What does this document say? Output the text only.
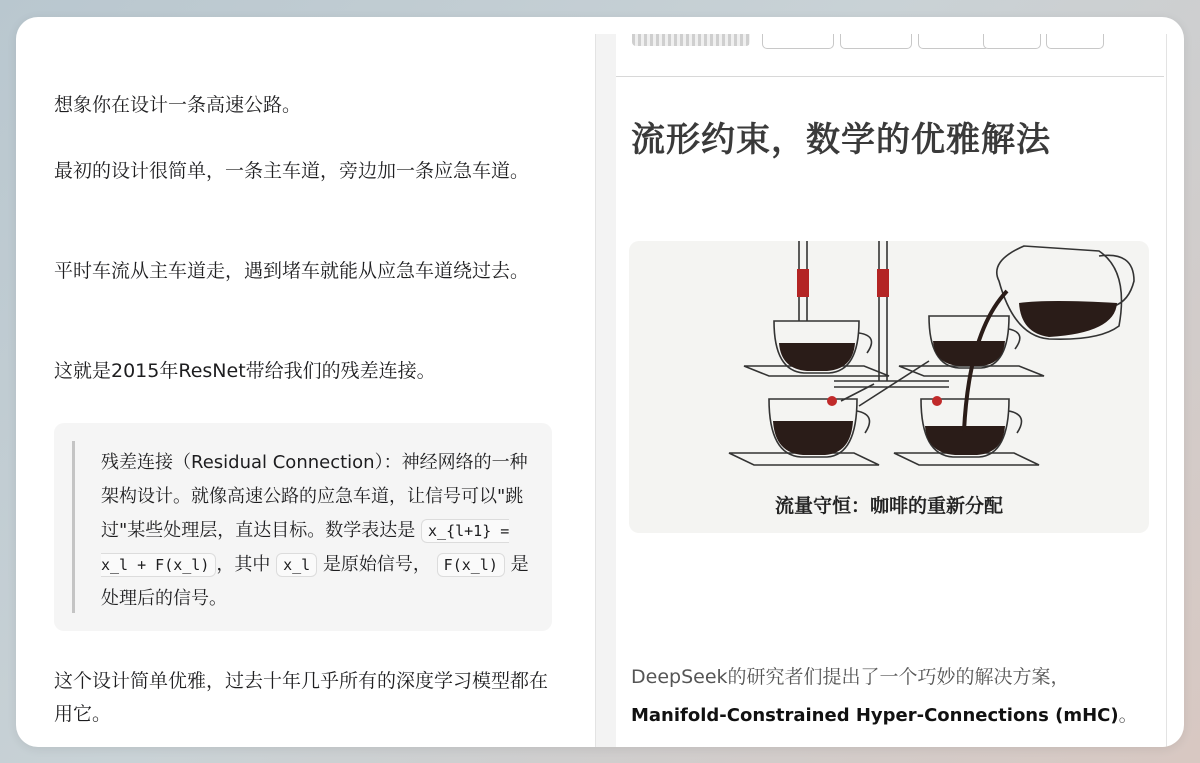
想象你在设计一条高速公路。

最初的设计很简单，一条主车道，旁边加一条应急车道。

平时车流从主车道走，遇到堵车就能从应急车道绕过去。

这就是2015年ResNet带给我们的残差连接。

残差连接（Residual Connection）：神经网络的一种架构设计。就像高速公路的应急车道，让信号可以"跳过"某些处理层，直达目标。数学表达是 x_{l+1} = x_l + F(x_l) ，其中 x_l 是原始信号， F(x_l) 是处理后的信号。

这个设计简单优雅，过去十年几乎所有的深度学习模型都在用它。

流形约束，数学的优雅解法
流量守恒：咖啡的重新分配

DeepSeek的研究者们提出了一个巧妙的解决方案，
Manifold-Constrained Hyper-Connections (mHC)。
